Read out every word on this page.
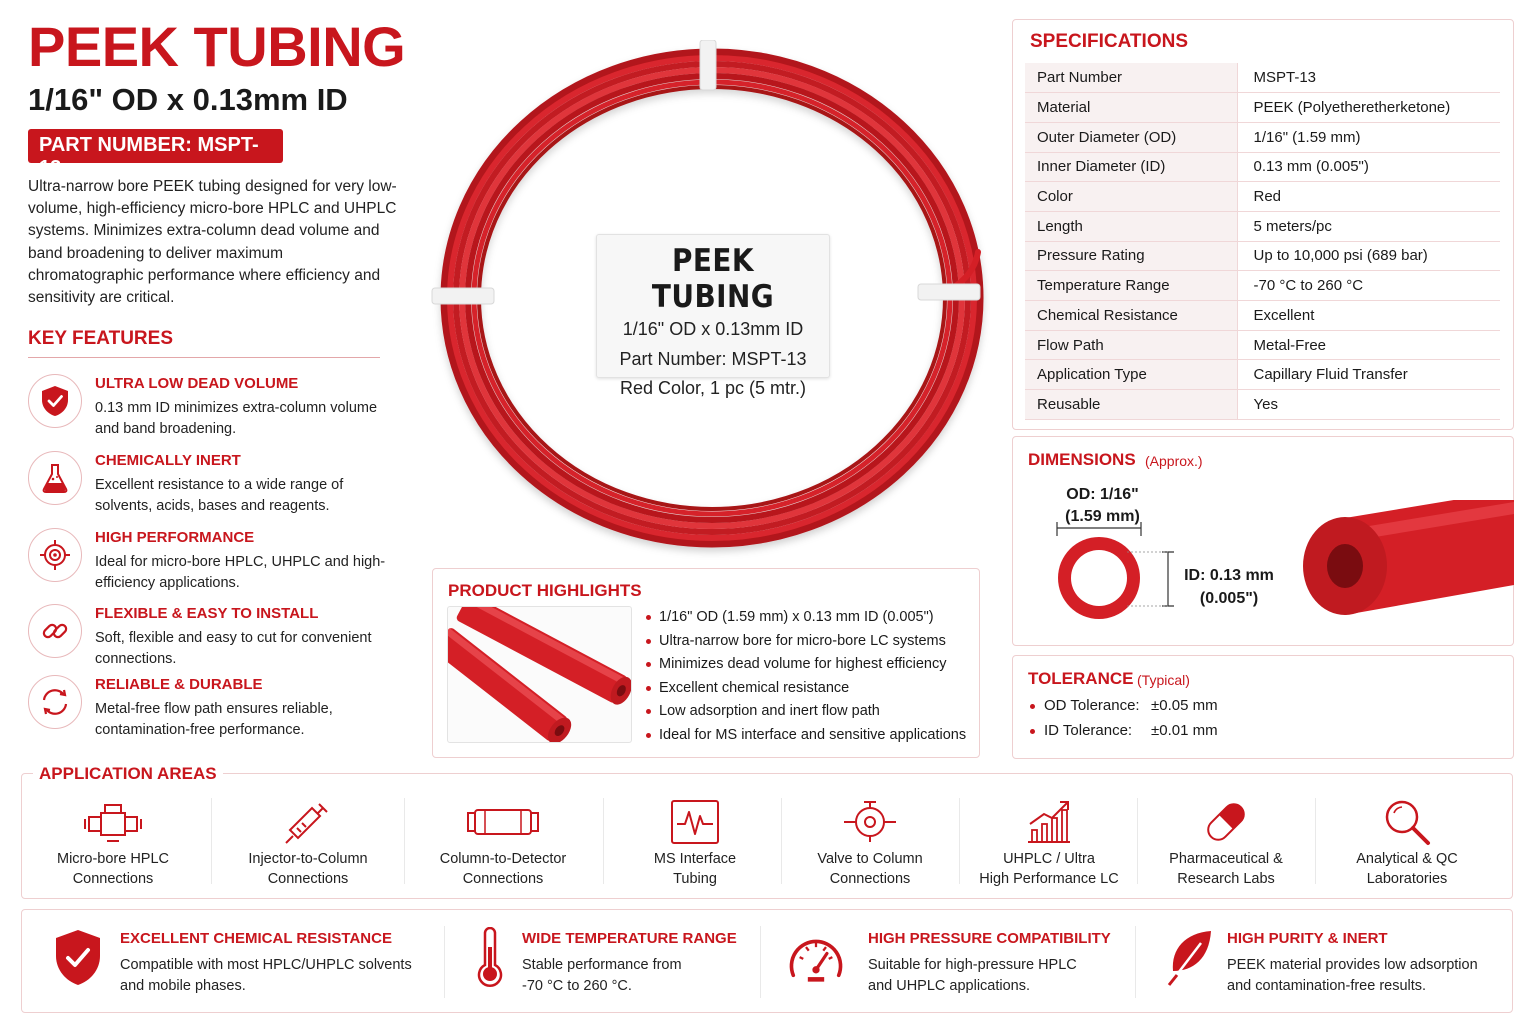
PEEK TUBING
1/16" OD x 0.13mm ID
PART NUMBER: MSPT-13
Ultra-narrow bore PEEK tubing designed for very low-volume, high-efficiency micro-bore HPLC and UHPLC systems. Minimizes extra-column dead volume and band broadening to deliver maximum chromatographic performance where efficiency and sensitivity are critical.
KEY FEATURES
ULTRA LOW DEAD VOLUME
0.13 mm ID minimizes extra-column volume and band broadening.
CHEMICALLY INERT
Excellent resistance to a wide range of solvents, acids, bases and reagents.
HIGH PERFORMANCE
Ideal for micro-bore HPLC, UHPLC and high-efficiency applications.
FLEXIBLE & EASY TO INSTALL
Soft, flexible and easy to cut for convenient connections.
RELIABLE & DURABLE
Metal-free flow path ensures reliable, contamination-free performance.
PEEK TUBING
1/16" OD x 0.13mm ID
Part Number: MSPT-13
Red Color, 1 pc (5 mtr.)
PRODUCT HIGHLIGHTS
1/16" OD (1.59 mm) x 0.13 mm ID (0.005")
Ultra-narrow bore for micro-bore LC systems
Minimizes dead volume for highest efficiency
Excellent chemical resistance
Low adsorption and inert flow path
Ideal for MS interface and sensitive applications
SPECIFICATIONS
Part Number	MSPT-13
Material	PEEK (Polyetheretherketone)
Outer Diameter (OD)	1/16" (1.59 mm)
Inner Diameter (ID)	0.13 mm (0.005")
Color	Red
Length	5 meters/pc
Pressure Rating	Up to 10,000 psi (689 bar)
Temperature Range	-70 °C to 260 °C
Chemical Resistance	Excellent
Flow Path	Metal-Free
Application Type	Capillary Fluid Transfer
Reusable	Yes
DIMENSIONS (Approx.)
OD: 1/16"
(1.59 mm)
ID: 0.13 mm
(0.005")
TOLERANCE (Typical)
OD Tolerance: ±0.05 mm
ID Tolerance: ±0.01 mm
APPLICATION AREAS
Micro-bore HPLC
Connections
Injector-to-Column
Connections
Column-to-Detector
Connections
MS Interface
Tubing
Valve to Column
Connections
UHPLC / Ultra
High Performance LC
Pharmaceutical &
Research Labs
Analytical & QC
Laboratories
EXCELLENT CHEMICAL RESISTANCE
Compatible with most HPLC/UHPLC solvents
and mobile phases.
WIDE TEMPERATURE RANGE
Stable performance from
-70 °C to 260 °C.
HIGH PRESSURE COMPATIBILITY
Suitable for high-pressure HPLC
and UHPLC applications.
HIGH PURITY & INERT
PEEK material provides low adsorption
and contamination-free results.
